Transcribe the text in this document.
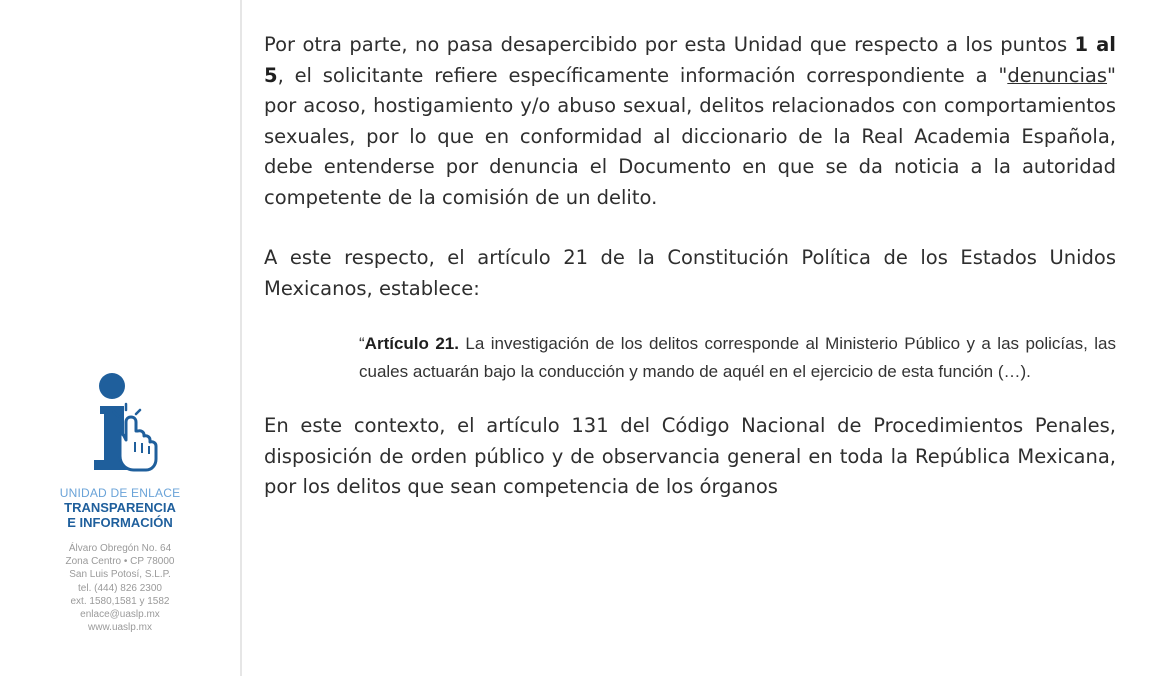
UNIDAD DE ENLACE
TRANSPARENCIA
E INFORMACIÓN
Álvaro Obregón No. 64
Zona Centro • CP 78000
San Luis Potosí, S.L.P.
tel. (444) 826 2300
ext. 1580,1581 y 1582
enlace@uaslp.mx
www.uaslp.mx

Por otra parte, no pasa desapercibido por esta Unidad que respecto a los puntos 1 al 5, el solicitante refiere específicamente información correspondiente a "denuncias" por acoso, hostigamiento y/o abuso sexual, delitos relacionados con comportamientos sexuales, por lo que en conformidad al diccionario de la Real Academia Española, debe entenderse por denuncia el Documento en que se da noticia a la autoridad competente de la comisión de un delito.

A este respecto, el artículo 21 de la Constitución Política de los Estados Unidos Mexicanos, establece:

“Artículo 21. La investigación de los delitos corresponde al Ministerio Público y a las policías, las cuales actuarán bajo la conducción y mando de aquél en el ejercicio de esta función (…).

En este contexto, el artículo 131 del Código Nacional de Procedimientos Penales, disposición de orden público y de observancia general en toda la República Mexicana, por los delitos que sean competencia de los órganos
